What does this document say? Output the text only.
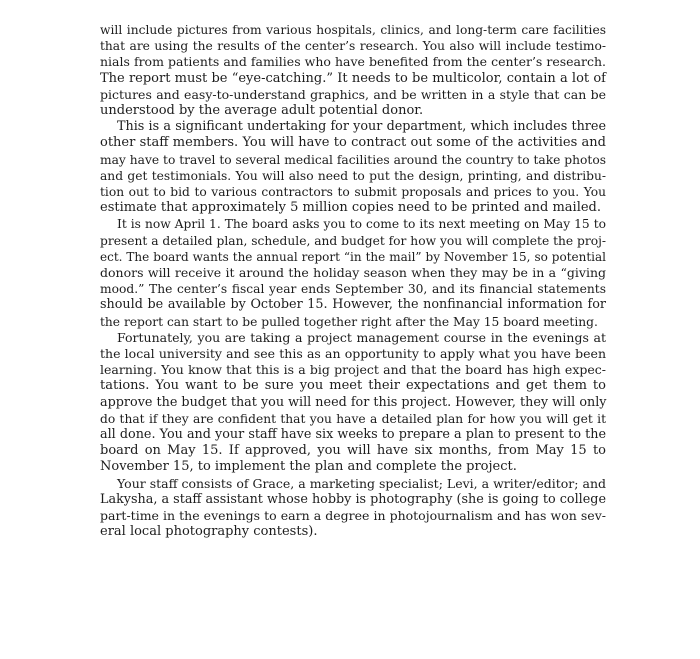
will include pictures from various hospitals, clinics, and long-term care facilities
that are using the results of the center’s research. You also will include testimo-
nials from patients and families who have benefited from the center’s research.
The report must be “eye-catching.” It needs to be multicolor, contain a lot of
pictures and easy-to-understand graphics, and be written in a style that can be
understood by the average adult potential donor.
This is a significant undertaking for your department, which includes three
other staff members. You will have to contract out some of the activities and
may have to travel to several medical facilities around the country to take photos
and get testimonials. You will also need to put the design, printing, and distribu-
tion out to bid to various contractors to submit proposals and prices to you. You
estimate that approximately 5 million copies need to be printed and mailed.
It is now April 1. The board asks you to come to its next meeting on May 15 to
present a detailed plan, schedule, and budget for how you will complete the proj-
ect. The board wants the annual report “in the mail” by November 15, so potential
donors will receive it around the holiday season when they may be in a “giving
mood.” The center’s fiscal year ends September 30, and its financial statements
should be available by October 15. However, the nonfinancial information for
the report can start to be pulled together right after the May 15 board meeting.
Fortunately, you are taking a project management course in the evenings at
the local university and see this as an opportunity to apply what you have been
learning. You know that this is a big project and that the board has high expec-
tations. You want to be sure you meet their expectations and get them to
approve the budget that you will need for this project. However, they will only
do that if they are confident that you have a detailed plan for how you will get it
all done. You and your staff have six weeks to prepare a plan to present to the
board on May 15. If approved, you will have six months, from May 15 to
November 15, to implement the plan and complete the project.
Your staff consists of Grace, a marketing specialist; Levi, a writer/editor; and
Lakysha, a staff assistant whose hobby is photography (she is going to college
part-time in the evenings to earn a degree in photojournalism and has won sev-
eral local photography contests).
